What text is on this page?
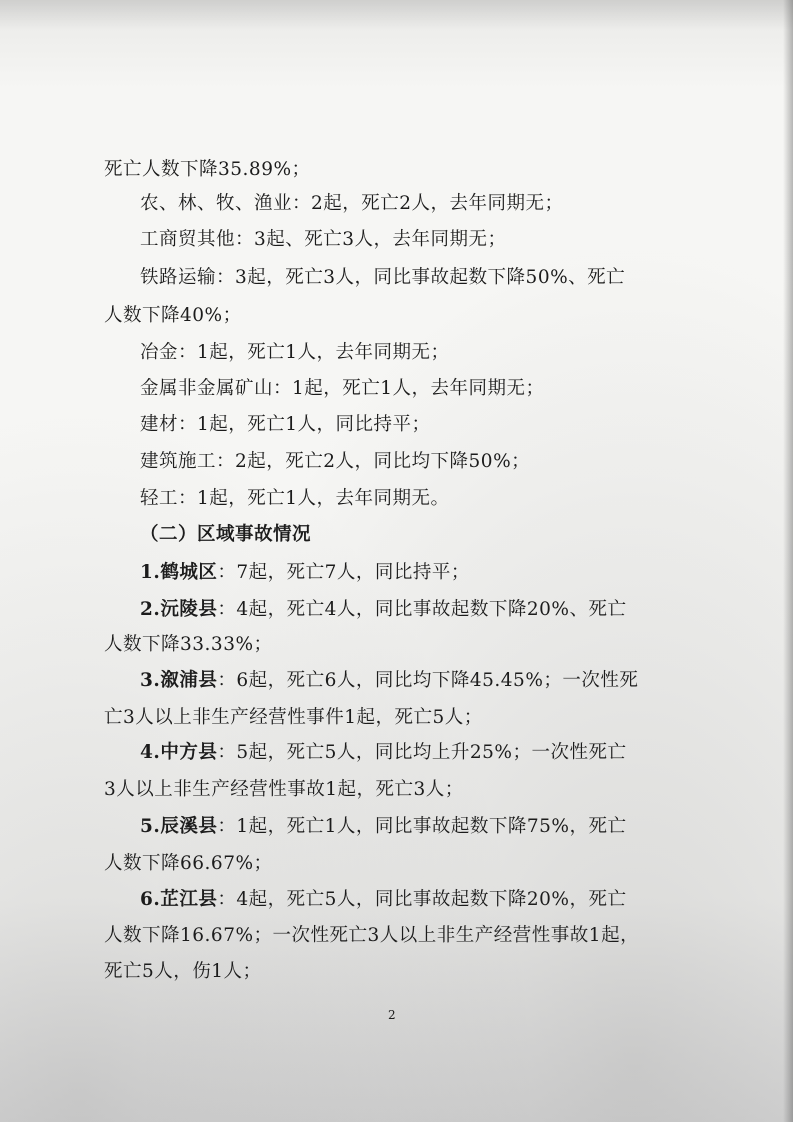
死亡人数下降35.89%；
农、林、牧、渔业：2起，死亡2人，去年同期无；
工商贸其他：3起、死亡3人，去年同期无；
铁路运输：3起，死亡3人，同比事故起数下降50%、死亡
人数下降40%；
冶金：1起，死亡1人，去年同期无；
金属非金属矿山：1起，死亡1人，去年同期无；
建材：1起，死亡1人，同比持平；
建筑施工：2起，死亡2人，同比均下降50%；
轻工：1起，死亡1人，去年同期无。
（二）区域事故情况
1.鹤城区：7起，死亡7人，同比持平；
2.沅陵县：4起，死亡4人，同比事故起数下降20%、死亡
人数下降33.33%；
3.溆浦县：6起，死亡6人，同比均下降45.45%；一次性死
亡3人以上非生产经营性事件1起，死亡5人；
4.中方县：5起，死亡5人，同比均上升25%；一次性死亡
3人以上非生产经营性事故1起，死亡3人；
5.辰溪县：1起，死亡1人，同比事故起数下降75%，死亡
人数下降66.67%；
6.芷江县：4起，死亡5人，同比事故起数下降20%，死亡
人数下降16.67%；一次性死亡3人以上非生产经营性事故1起，
死亡5人，伤1人；
2
